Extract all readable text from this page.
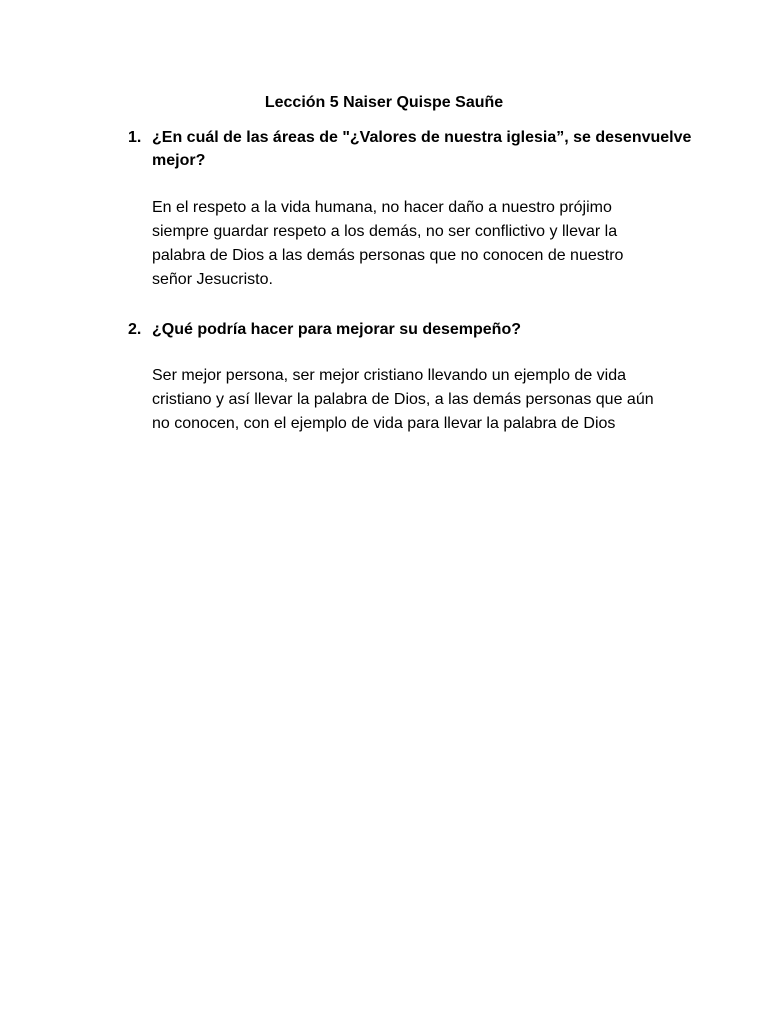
Lección 5 Naiser Quispe Sauñe
1. ¿En cuál de las áreas de "¿Valores de nuestra iglesia”, se desenvuelve
mejor?
En el respeto a la vida humana, no hacer daño a nuestro prójimo
siempre guardar respeto a los demás, no ser conflictivo y llevar la
palabra de Dios a las demás personas que no conocen de nuestro
señor Jesucristo.
2. ¿Qué podría hacer para mejorar su desempeño?
Ser mejor persona, ser mejor cristiano llevando un ejemplo de vida
cristiano y así llevar la palabra de Dios, a las demás personas que aún
no conocen, con el ejemplo de vida para llevar la palabra de Dios
